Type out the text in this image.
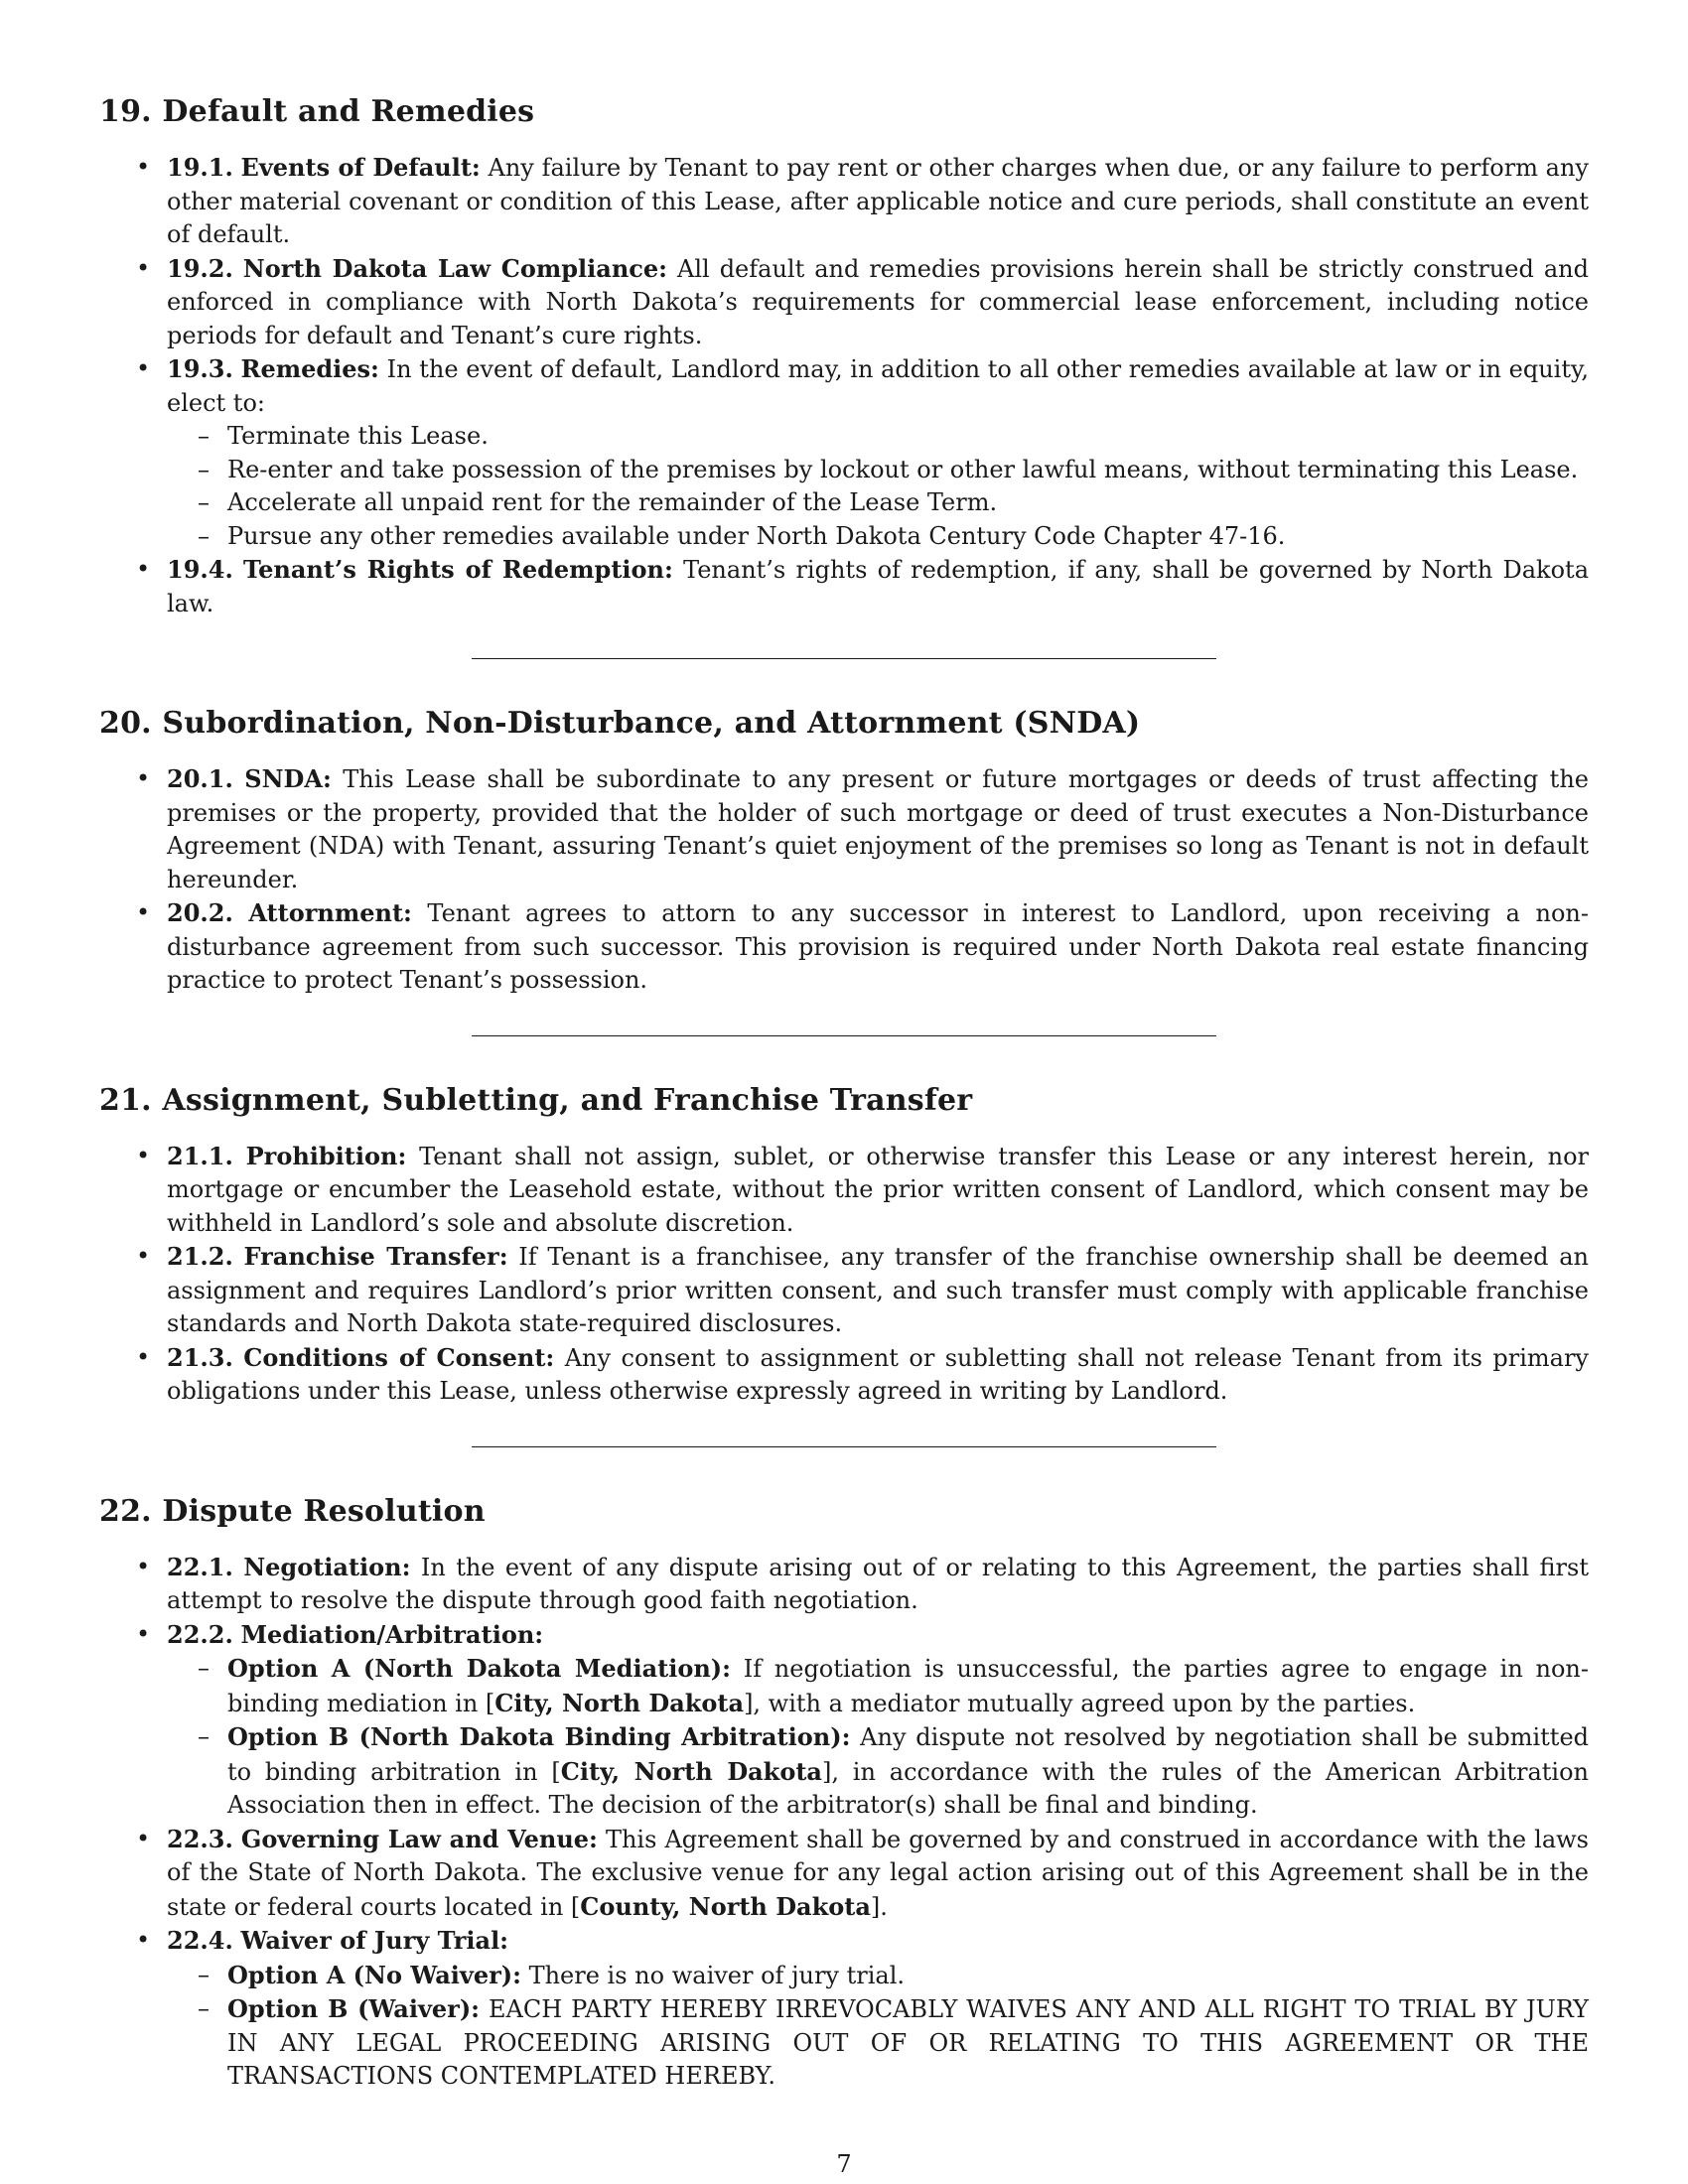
19. Default and Remedies
• 19.1. Events of Default: Any failure by Tenant to pay rent or other charges when due, or any failure to perform any other material covenant or condition of this Lease, after applicable notice and cure periods, shall constitute an event of default.
• 19.2. North Dakota Law Compliance: All default and remedies provisions herein shall be strictly construed and enforced in compliance with North Dakota’s requirements for commercial lease enforcement, including notice periods for default and Tenant’s cure rights.
• 19.3. Remedies: In the event of default, Landlord may, in addition to all other remedies available at law or in equity, elect to:
– Terminate this Lease.
– Re-enter and take possession of the premises by lockout or other lawful means, without terminating this Lease.
– Accelerate all unpaid rent for the remainder of the Lease Term.
– Pursue any other remedies available under North Dakota Century Code Chapter 47-16.
• 19.4. Tenant’s Rights of Redemption: Tenant’s rights of redemption, if any, shall be governed by North Dakota law.
20. Subordination, Non-Disturbance, and Attornment (SNDA)
• 20.1. SNDA: This Lease shall be subordinate to any present or future mortgages or deeds of trust affecting the premises or the property, provided that the holder of such mortgage or deed of trust executes a Non-Disturbance Agreement (NDA) with Tenant, assuring Tenant’s quiet enjoyment of the premises so long as Tenant is not in default hereunder.
• 20.2. Attornment: Tenant agrees to attorn to any successor in interest to Landlord, upon receiving a non-disturbance agreement from such successor. This provision is required under North Dakota real estate financing practice to protect Tenant’s possession.
21. Assignment, Subletting, and Franchise Transfer
• 21.1. Prohibition: Tenant shall not assign, sublet, or otherwise transfer this Lease or any interest herein, nor mortgage or encumber the Leasehold estate, without the prior written consent of Landlord, which consent may be withheld in Landlord’s sole and absolute discretion.
• 21.2. Franchise Transfer: If Tenant is a franchisee, any transfer of the franchise ownership shall be deemed an assignment and requires Landlord’s prior written consent, and such transfer must comply with applicable franchise standards and North Dakota state-required disclosures.
• 21.3. Conditions of Consent: Any consent to assignment or subletting shall not release Tenant from its primary obligations under this Lease, unless otherwise expressly agreed in writing by Landlord.
22. Dispute Resolution
• 22.1. Negotiation: In the event of any dispute arising out of or relating to this Agreement, the parties shall first attempt to resolve the dispute through good faith negotiation.
• 22.2. Mediation/Arbitration:
– Option A (North Dakota Mediation): If negotiation is unsuccessful, the parties agree to engage in non-binding mediation in [City, North Dakota], with a mediator mutually agreed upon by the parties.
– Option B (North Dakota Binding Arbitration): Any dispute not resolved by negotiation shall be submitted to binding arbitration in [City, North Dakota], in accordance with the rules of the American Arbitration Association then in effect. The decision of the arbitrator(s) shall be final and binding.
• 22.3. Governing Law and Venue: This Agreement shall be governed by and construed in accordance with the laws of the State of North Dakota. The exclusive venue for any legal action arising out of this Agreement shall be in the state or federal courts located in [County, North Dakota].
• 22.4. Waiver of Jury Trial:
– Option A (No Waiver): There is no waiver of jury trial.
– Option B (Waiver): EACH PARTY HEREBY IRREVOCABLY WAIVES ANY AND ALL RIGHT TO TRIAL BY JURY IN ANY LEGAL PROCEEDING ARISING OUT OF OR RELATING TO THIS AGREEMENT OR THE TRANSACTIONS CONTEMPLATED HEREBY.
7
